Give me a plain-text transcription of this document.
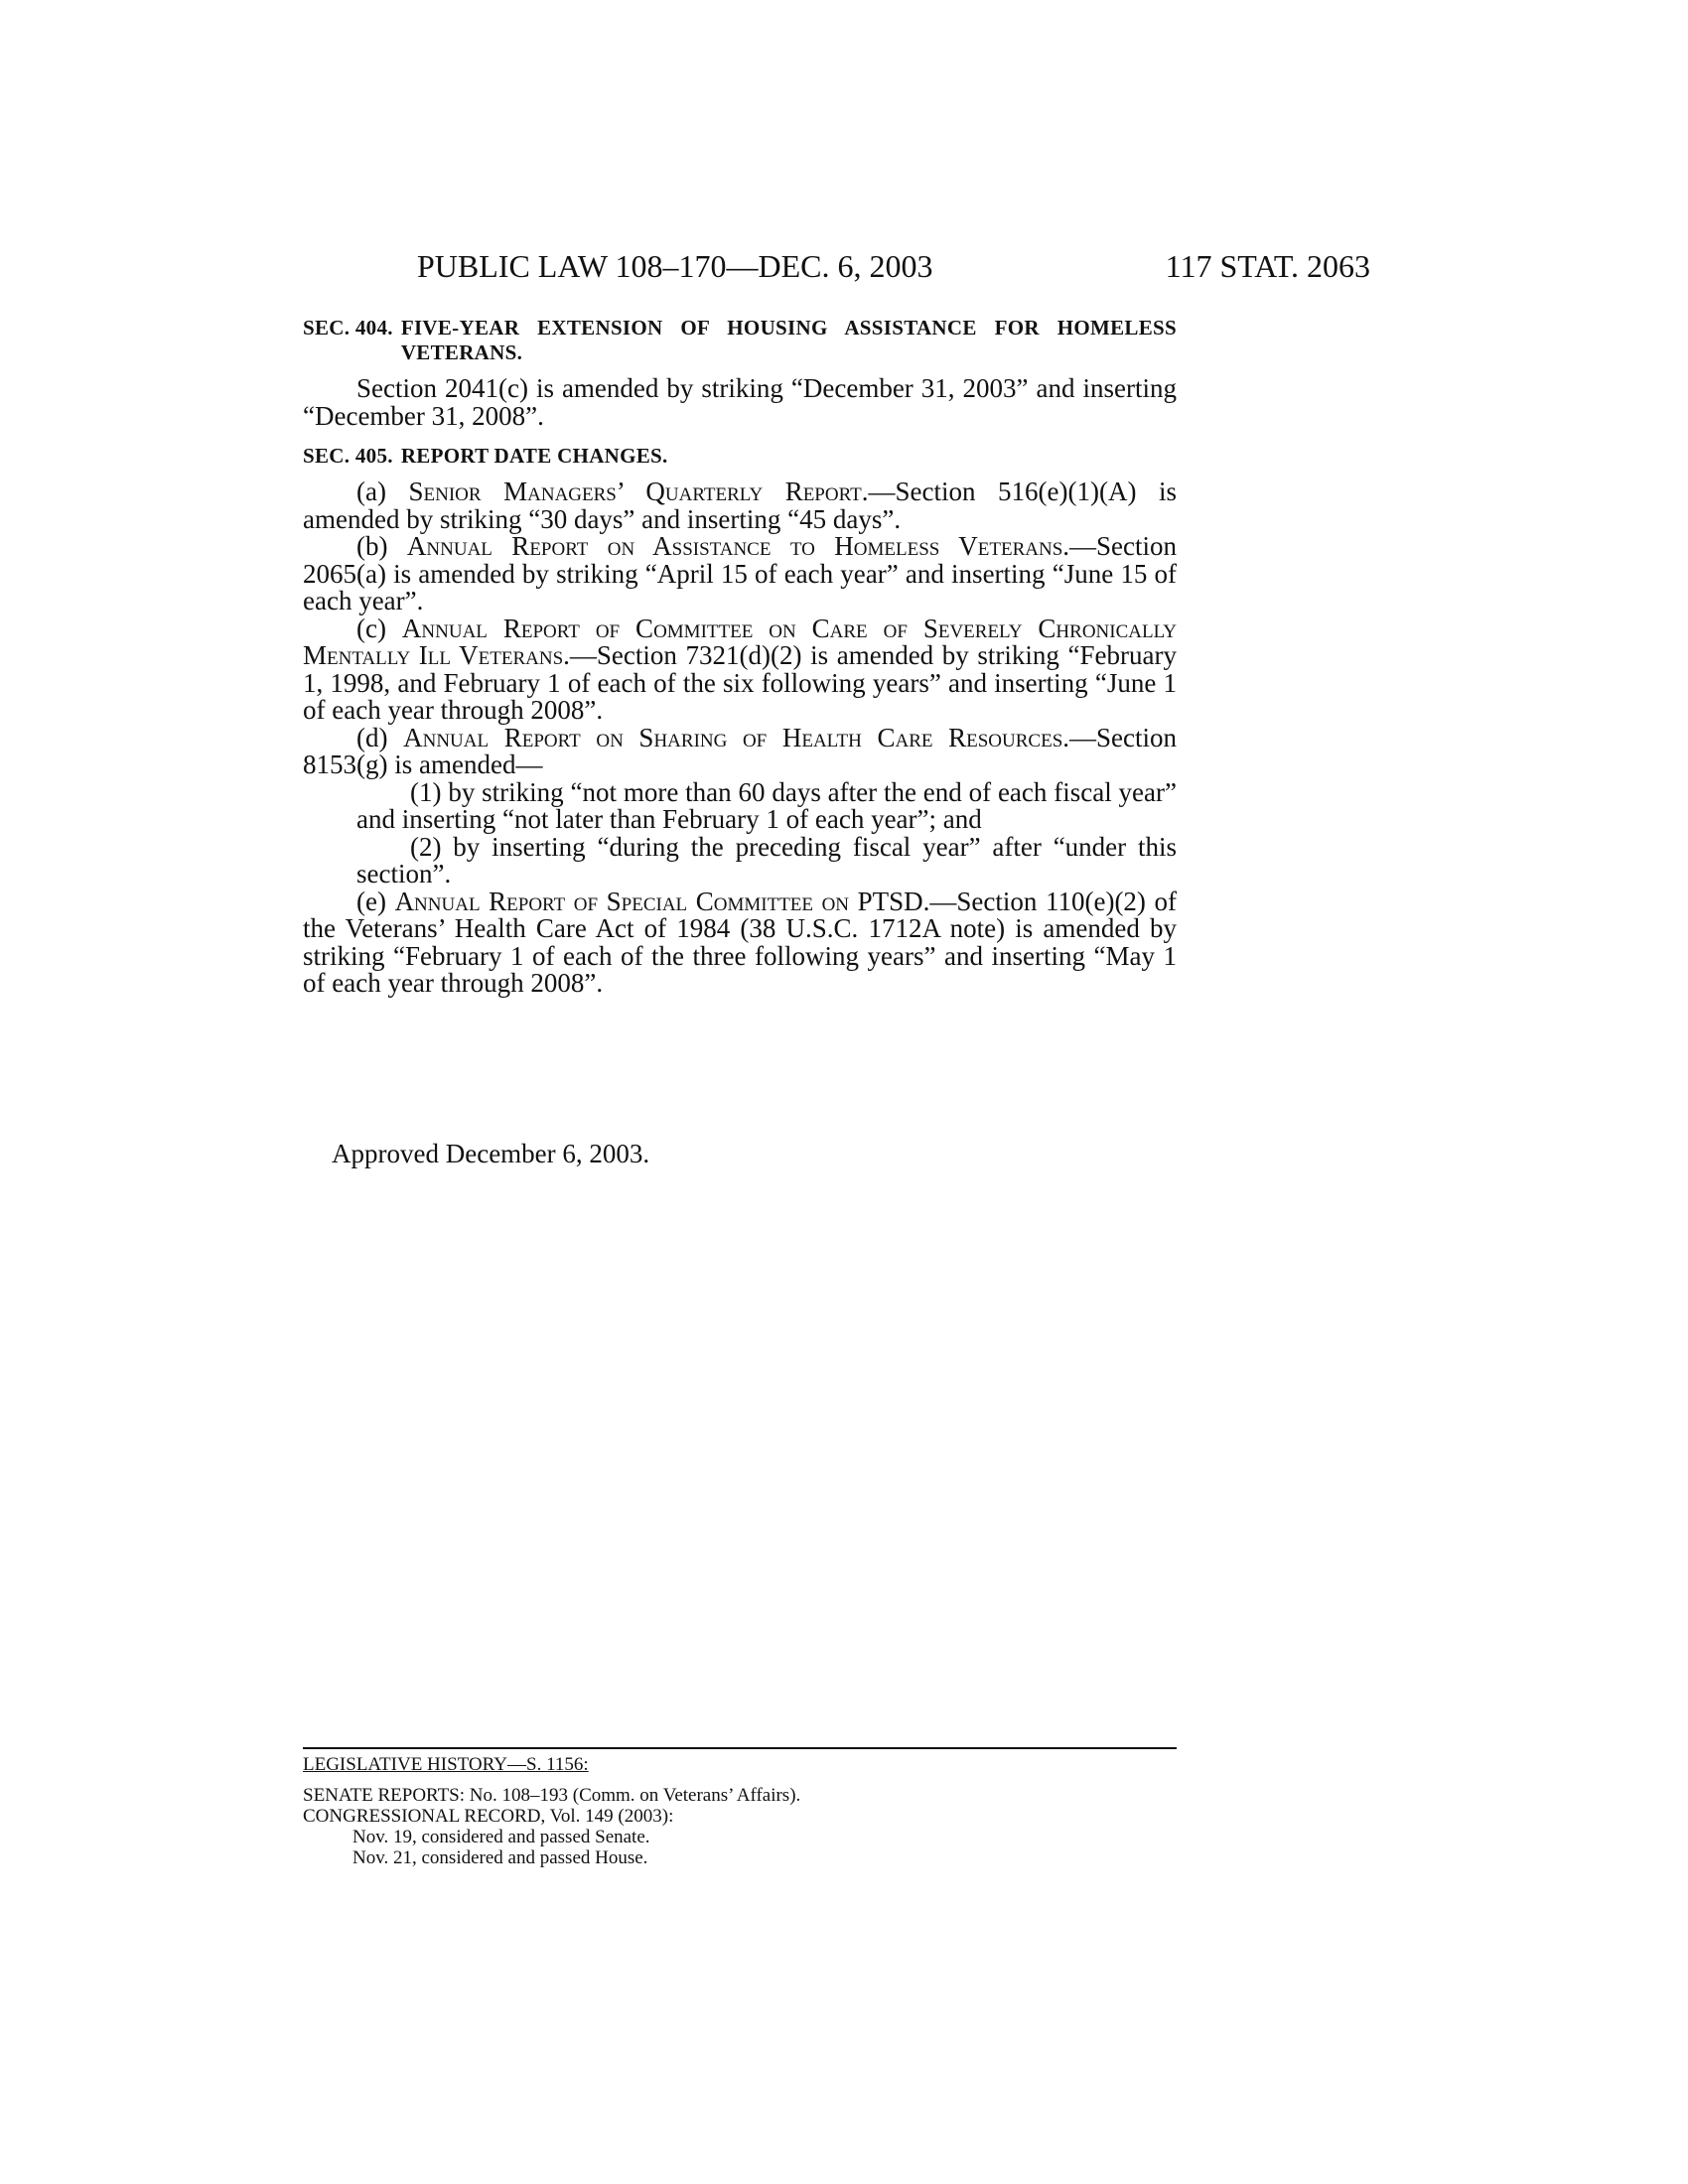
PUBLIC LAW 108–170—DEC. 6, 2003	117 STAT. 2063
SEC. 404. FIVE-YEAR EXTENSION OF HOUSING ASSISTANCE FOR HOMELESS VETERANS.

Section 2041(c) is amended by striking “December 31, 2003” and inserting “December 31, 2008”.

SEC. 405. REPORT DATE CHANGES.

(a) Senior Managers’ Quarterly Report.—Section 516(e)(1)(A) is amended by striking “30 days” and inserting “45 days”.

(b) Annual Report on Assistance to Homeless Veterans.—Section 2065(a) is amended by striking “April 15 of each year” and inserting “June 15 of each year”.

(c) Annual Report of Committee on Care of Severely Chronically Mentally Ill Veterans.—Section 7321(d)(2) is amended by striking “February 1, 1998, and February 1 of each of the six following years” and inserting “June 1 of each year through 2008”.

(d) Annual Report on Sharing of Health Care Resources.—Section 8153(g) is amended—

(1) by striking “not more than 60 days after the end of each fiscal year” and inserting “not later than February 1 of each year”; and

(2) by inserting “during the preceding fiscal year” after “under this section”.

(e) Annual Report of Special Committee on PTSD.—Section 110(e)(2) of the Veterans’ Health Care Act of 1984 (38 U.S.C. 1712A note) is amended by striking “February 1 of each of the three following years” and inserting “May 1 of each year through 2008”.

Approved December 6, 2003.
LEGISLATIVE HISTORY—S. 1156:
SENATE REPORTS: No. 108–193 (Comm. on Veterans’ Affairs).
CONGRESSIONAL RECORD, Vol. 149 (2003):
Nov. 19, considered and passed Senate.
Nov. 21, considered and passed House.
